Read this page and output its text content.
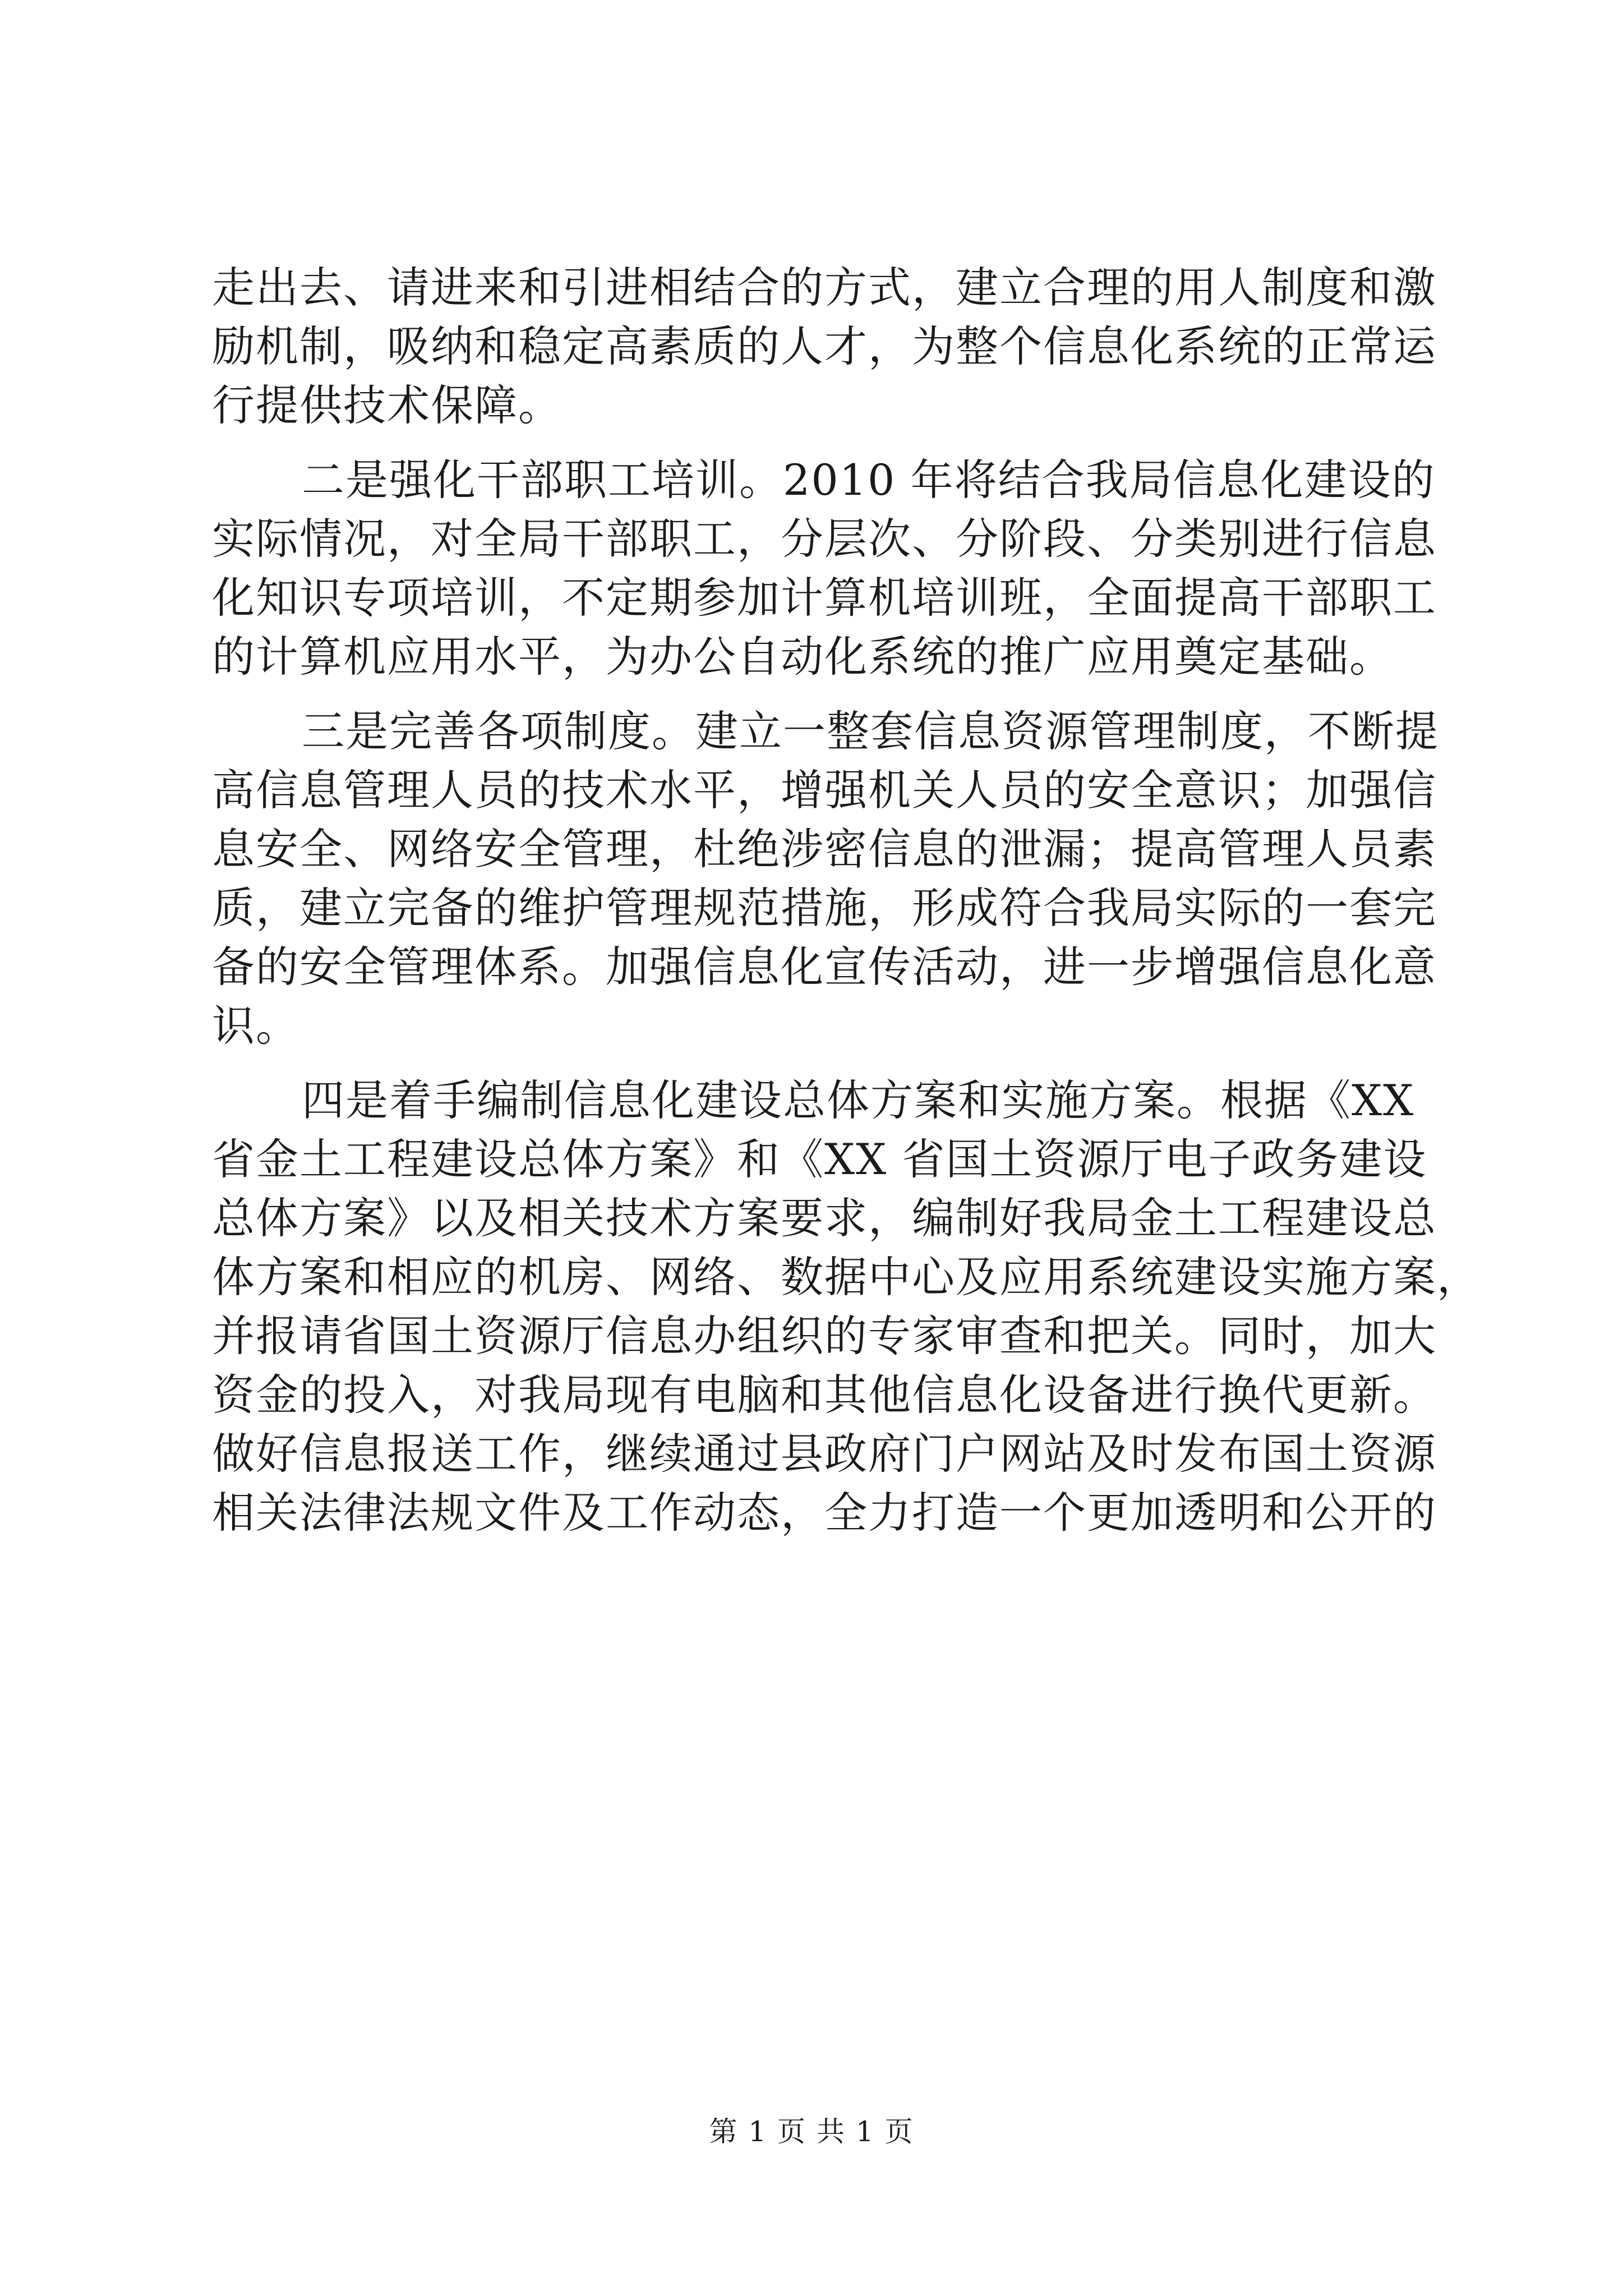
走出去、请进来和引进相结合的方式，建立合理的用人制度和激
励机制，吸纳和稳定高素质的人才，为整个信息化系统的正常运
行提供技术保障。
二是强化干部职工培训。2010 年将结合我局信息化建设的
实际情况，对全局干部职工，分层次、分阶段、分类别进行信息
化知识专项培训，不定期参加计算机培训班，全面提高干部职工
的计算机应用水平，为办公自动化系统的推广应用奠定基础。
三是完善各项制度。建立一整套信息资源管理制度，不断提
高信息管理人员的技术水平，增强机关人员的安全意识；加强信
息安全、网络安全管理，杜绝涉密信息的泄漏；提高管理人员素
质，建立完备的维护管理规范措施，形成符合我局实际的一套完
备的安全管理体系。加强信息化宣传活动，进一步增强信息化意
识。
四是着手编制信息化建设总体方案和实施方案。根据《XX
省金土工程建设总体方案》和《XX 省国土资源厅电子政务建设
总体方案》以及相关技术方案要求，编制好我局金土工程建设总
体方案和相应的机房、网络、数据中心及应用系统建设实施方案，
并报请省国土资源厅信息办组织的专家审查和把关。同时，加大
资金的投入，对我局现有电脑和其他信息化设备进行换代更新。
做好信息报送工作，继续通过县政府门户网站及时发布国土资源
相关法律法规文件及工作动态，全力打造一个更加透明和公开的
第 1 页 共 1 页
